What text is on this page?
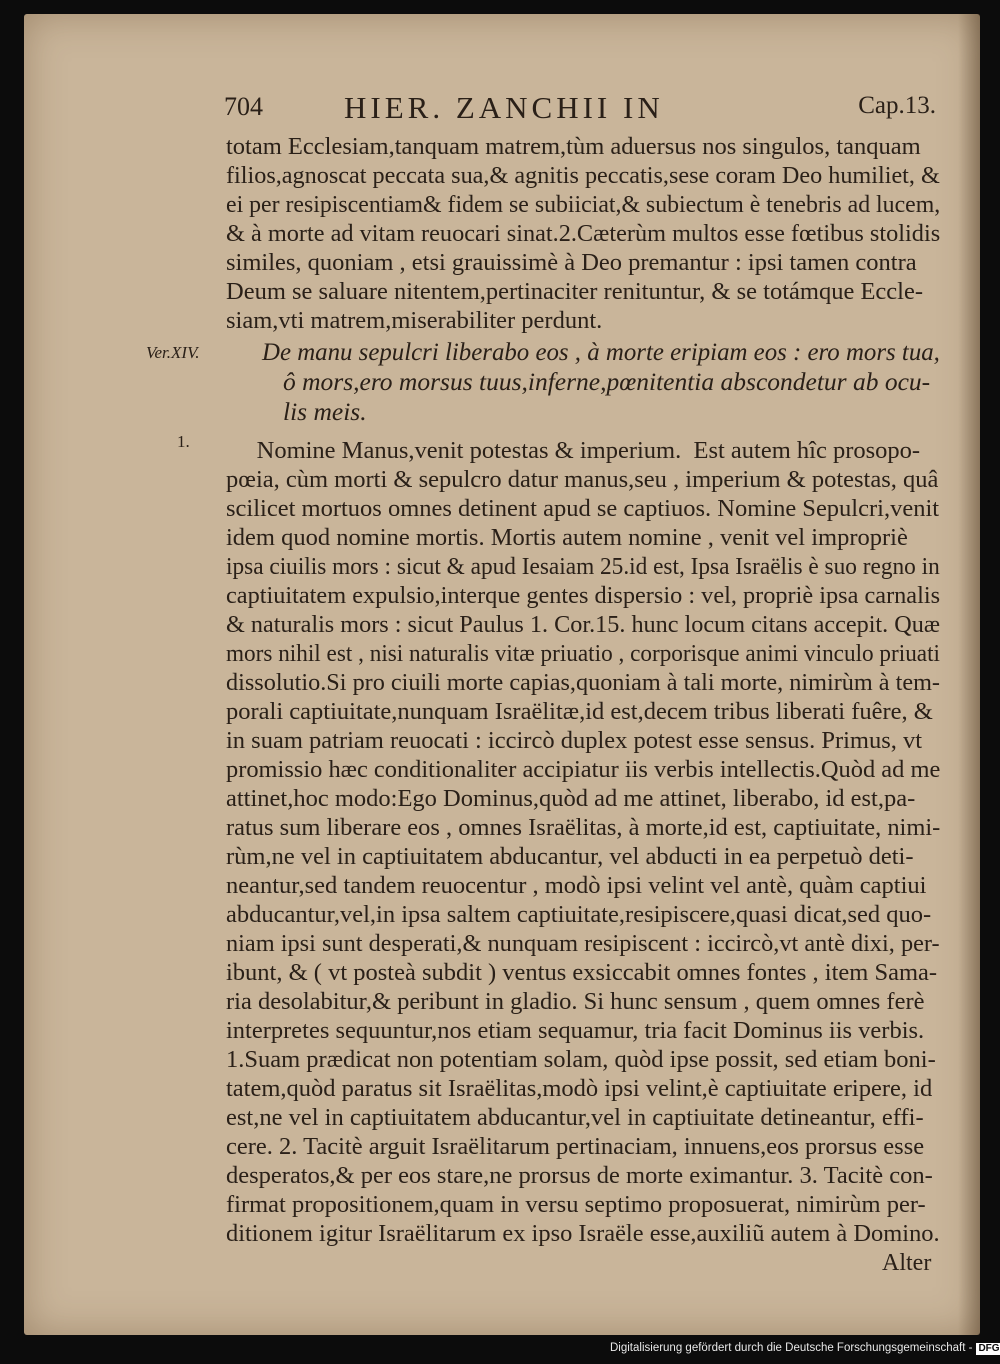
704	HIER. ZANCHII IN	Cap.13.
totam Ecclesiam,tanquam matrem,tùm aduersus nos singulos, tanquam
filios,agnoscat peccata sua,& agnitis peccatis,sese coram Deo humiliet, &
ei per resipiscentiam& fidem se subiiciat,& subiectum è tenebris ad lucem,
& à morte ad vitam reuocari sinat.2.Cæterùm multos esse fœtibus stolidis
similes, quoniam , etsi grauissimè à Deo premantur : ipsi tamen contra
Deum se saluare nitentem,pertinaciter renituntur, & se totámque Eccle-
siam,vti matrem,miserabiliter perdunt.
Ver.XIV. De manu sepulcri liberabo eos , à morte eripiam eos : ero mors tua,
ô mors,ero morsus tuus,inferne,pœnitentia abscondetur ab ocu-
lis meis.
1. Nomine Manus,venit potestas & imperium.  Est autem hîc prosopo-
pœia, cùm morti & sepulcro datur manus,seu , imperium & potestas, quâ
scilicet mortuos omnes detinent apud se captiuos. Nomine Sepulcri,venit
idem quod nomine mortis. Mortis autem nomine , venit vel impropriè
ipsa ciuilis mors : sicut & apud Iesaiam 25.id est, Ipsa Israëlis è suo regno in
captiuitatem expulsio,interque gentes dispersio : vel, propriè ipsa carnalis
& naturalis mors : sicut Paulus 1. Cor.15. hunc locum citans accepit. Quæ
mors nihil est , nisi naturalis vitæ priuatio , corporisque animi vinculo priuati
dissolutio.Si pro ciuili morte capias,quoniam à tali morte, nimirùm à tem-
porali captiuitate,nunquam Israëlitæ,id est,decem tribus liberati fuêre, &
in suam patriam reuocati : iccircò duplex potest esse sensus. Primus, vt
promissio hæc conditionaliter accipiatur iis verbis intellectis.Quòd ad me
attinet,hoc modo:Ego Dominus,quòd ad me attinet, liberabo, id est,pa-
ratus sum liberare eos , omnes Israëlitas, à morte,id est, captiuitate, nimi-
rùm,ne vel in captiuitatem abducantur, vel abducti in ea perpetuò deti-
neantur,sed tandem reuocentur , modò ipsi velint vel antè, quàm captiui
abducantur,vel,in ipsa saltem captiuitate,resipiscere,quasi dicat,sed quo-
niam ipsi sunt desperati,& nunquam resipiscent : iccircò,vt antè dixi, per-
ibunt, & ( vt posteà subdit ) ventus exsiccabit omnes fontes , item Sama-
ria desolabitur,& peribunt in gladio. Si hunc sensum , quem omnes ferè
interpretes sequuntur,nos etiam sequamur, tria facit Dominus iis verbis.
1.Suam prædicat non potentiam solam, quòd ipse possit, sed etiam boni-
tatem,quòd paratus sit Israëlitas,modò ipsi velint,è captiuitate eripere, id
est,ne vel in captiuitatem abducantur,vel in captiuitate detineantur, effi-
cere. 2. Tacitè arguit Israëlitarum pertinaciam, innuens,eos prorsus esse
desperatos,& per eos stare,ne prorsus de morte eximantur. 3. Tacitè con-
firmat propositionem,quam in versu septimo proposuerat, nimirùm per-
ditionem igitur Israëlitarum ex ipso Israële esse,auxiliũ autem à Domino.
Alter
Digitalisierung gefördert durch die Deutsche Forschungsgemeinschaft - DFG
